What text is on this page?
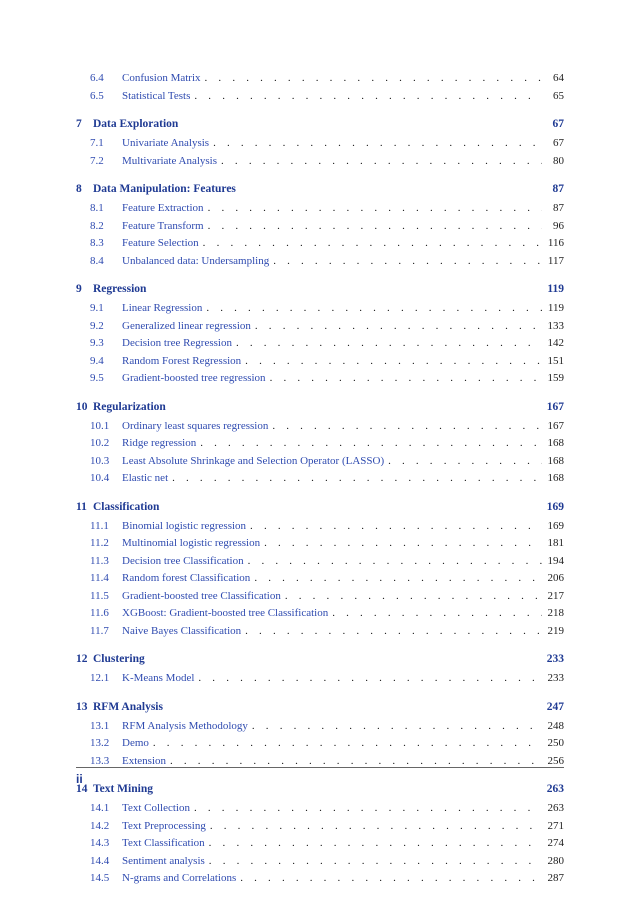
6.4	Confusion Matrix . . .	64
6.5	Statistical Tests . . .	65
7 Data Exploration	67
7.1	Univariate Analysis . . .	67
7.2	Multivariate Analysis . . .	80
8 Data Manipulation: Features	87
8.1	Feature Extraction . . .	87
8.2	Feature Transform . . .	96
8.3	Feature Selection . . .	116
8.4	Unbalanced data: Undersampling . . .	117
9 Regression	119
9.1	Linear Regression . . .	119
9.2	Generalized linear regression . . .	133
9.3	Decision tree Regression . . .	142
9.4	Random Forest Regression . . .	151
9.5	Gradient-boosted tree regression . . .	159
10 Regularization	167
10.1	Ordinary least squares regression . . .	167
10.2	Ridge regression . . .	168
10.3	Least Absolute Shrinkage and Selection Operator (LASSO) . . .	168
10.4	Elastic net . . .	168
11 Classification	169
11.1	Binomial logistic regression . . .	169
11.2	Multinomial logistic regression . . .	181
11.3	Decision tree Classification . . .	194
11.4	Random forest Classification . . .	206
11.5	Gradient-boosted tree Classification . . .	217
11.6	XGBoost: Gradient-boosted tree Classification . . .	218
11.7	Naive Bayes Classification . . .	219
12 Clustering	233
12.1	K-Means Model . . .	233
13 RFM Analysis	247
13.1	RFM Analysis Methodology . . .	248
13.2	Demo . . .	250
13.3	Extension . . .	256
14 Text Mining	263
14.1	Text Collection . . .	263
14.2	Text Preprocessing . . .	271
14.3	Text Classification . . .	274
14.4	Sentiment analysis . . .	280
14.5	N-grams and Correlations . . .	287
ii
